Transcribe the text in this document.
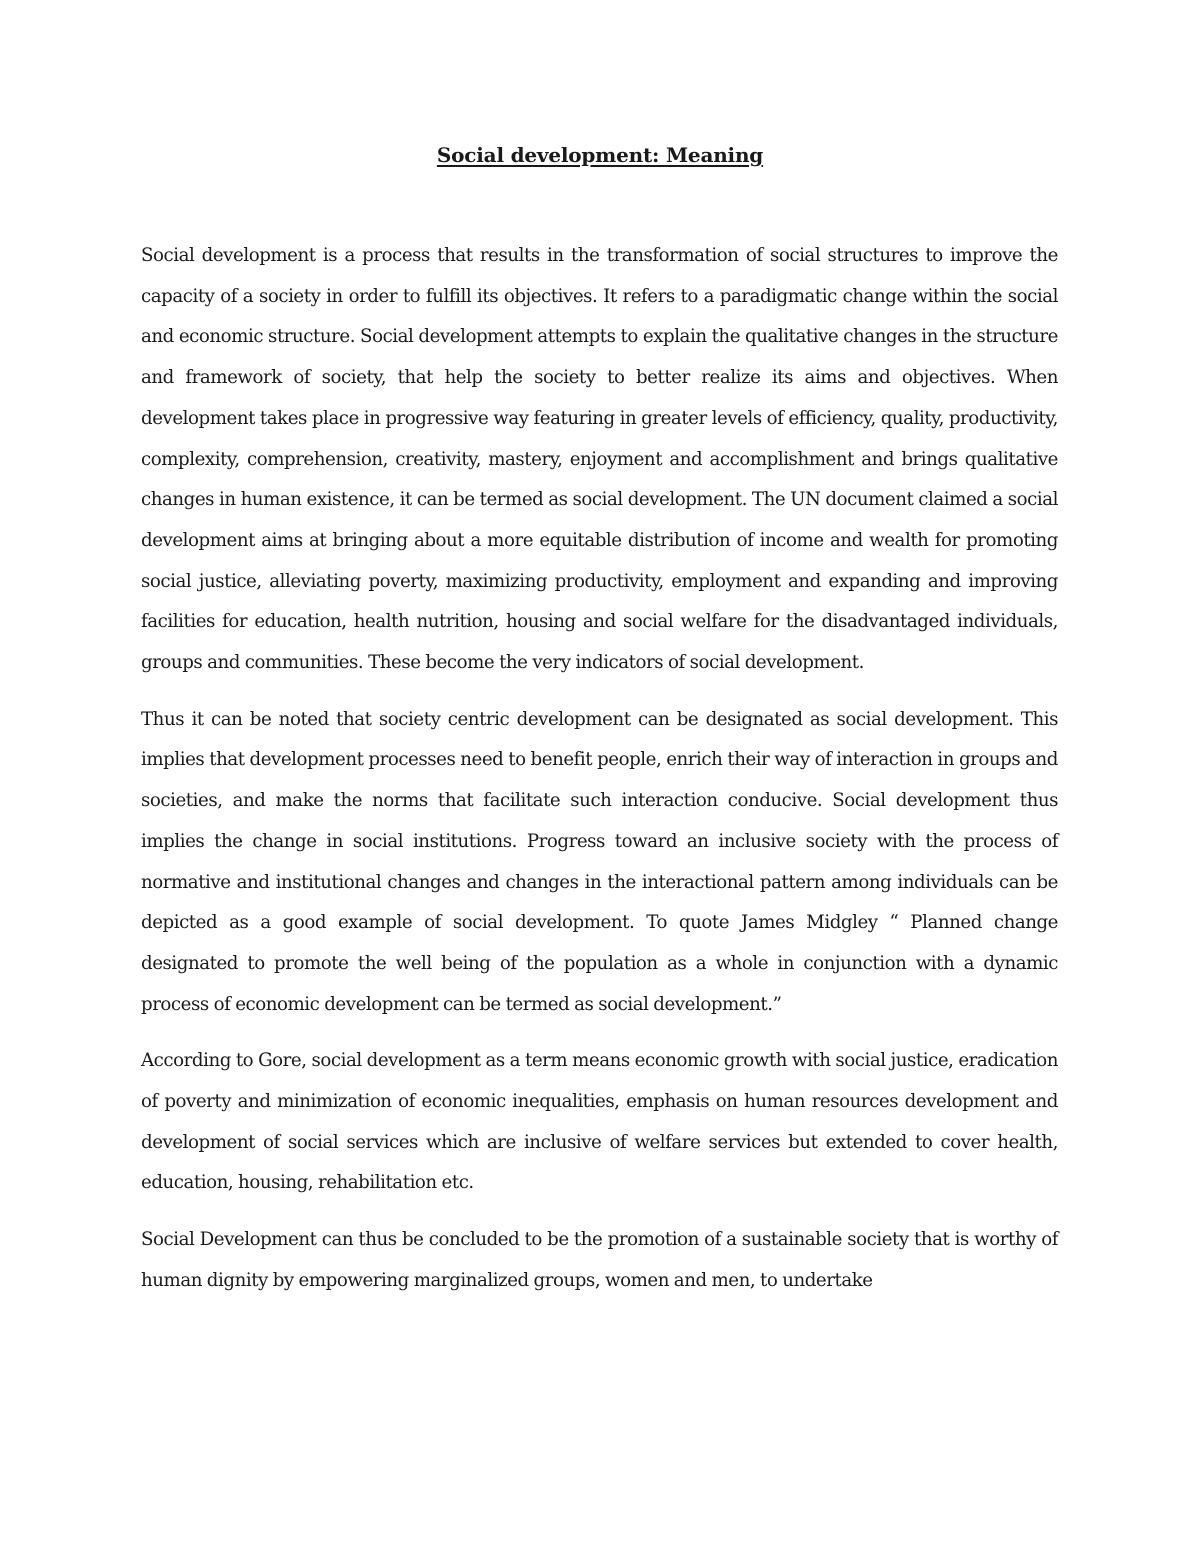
Social development: Meaning

Social development is a process that results in the transformation of social structures to improve the capacity of a society in order to fulfill its objectives. It refers to a paradigmatic change within the social and economic structure. Social development attempts to explain the qualitative changes in the structure and framework of society, that help the society to better realize its aims and objectives. When development takes place in progressive way featuring in greater levels of efficiency, quality, productivity, complexity, comprehension, creativity, mastery, enjoyment and accomplishment and brings qualitative changes in human existence, it can be termed as social development. The UN document claimed a social development aims at bringing about a more equitable distribution of income and wealth for promoting social justice, alleviating poverty, maximizing productivity, employment and expanding and improving facilities for education, health nutrition, housing and social welfare for the disadvantaged individuals, groups and communities. These become the very indicators of social development.

Thus it can be noted that society centric development can be designated as social development. This implies that development processes need to benefit people, enrich their way of interaction in groups and societies, and make the norms that facilitate such interaction conducive. Social development thus implies the change in social institutions. Progress toward an inclusive society with the process of normative and institutional changes and changes in the interactional pattern among individuals can be depicted as a good example of social development. To quote James Midgley “ Planned change designated to promote the well being of the population as a whole in conjunction with a dynamic process of economic development can be termed as social development.”

According to Gore, social development as a term means economic growth with social justice, eradication of poverty and minimization of economic inequalities, emphasis on human resources development and development of social services which are inclusive of welfare services but extended to cover health, education, housing, rehabilitation etc.

Social Development can thus be concluded to be the promotion of a sustainable society that is worthy of human dignity by empowering marginalized groups, women and men, to undertake
